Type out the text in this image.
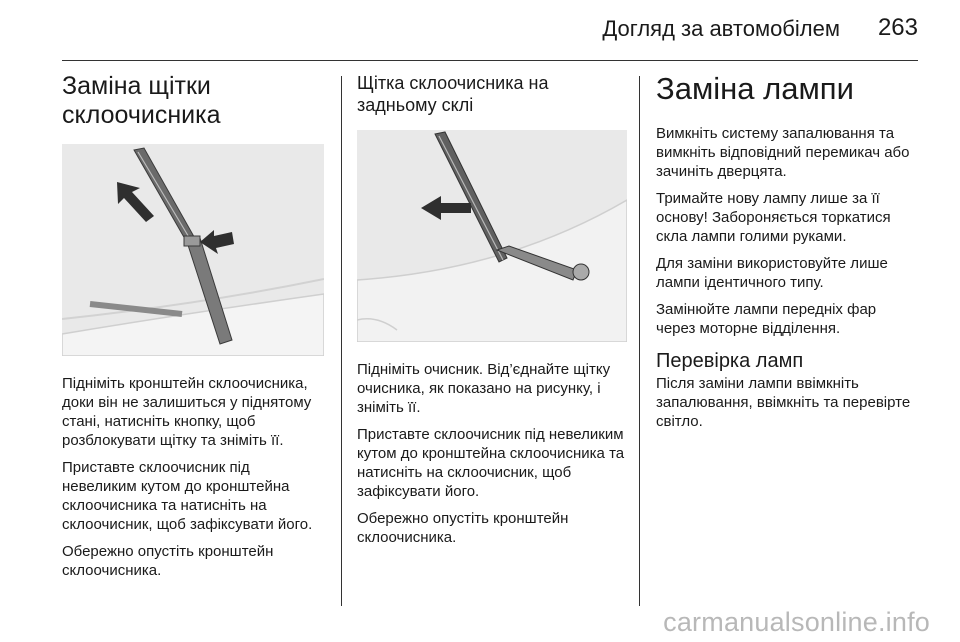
Догляд за автомобілем 263
Заміна щітки
склоочисника

Підніміть кронштейн склоочисника, доки він не залишиться у піднятому стані, натисніть кнопку, щоб розблокувати щітку та зніміть її.

Приставте склоочисник під невеликим кутом до кронштейна склоочисника та натисніть на склоочисник, щоб зафіксувати його.

Обережно опустіть кронштейн склоочисника.

Щітка склоочисника на
задньому склі

Підніміть очисник. Від’єднайте щітку очисника, як показано на рисунку, і зніміть її.

Приставте склоочисник під невеликим кутом до кронштейна склоочисника та натисніть на склоочисник, щоб зафіксувати його.

Обережно опустіть кронштейн склоочисника.

Заміна лампи

Вимкніть систему запалювання та вимкніть відповідний перемикач або зачиніть дверцята.

Тримайте нову лампу лише за її основу! Забороняється торкатися скла лампи голими руками.

Для заміни використовуйте лише лампи ідентичного типу.

Замінюйте лампи передніх фар через моторне відділення.

Перевірка ламп

Після заміни лампи ввімкніть запалювання, ввімкніть та перевірте світло.

carmanualsonline.info
